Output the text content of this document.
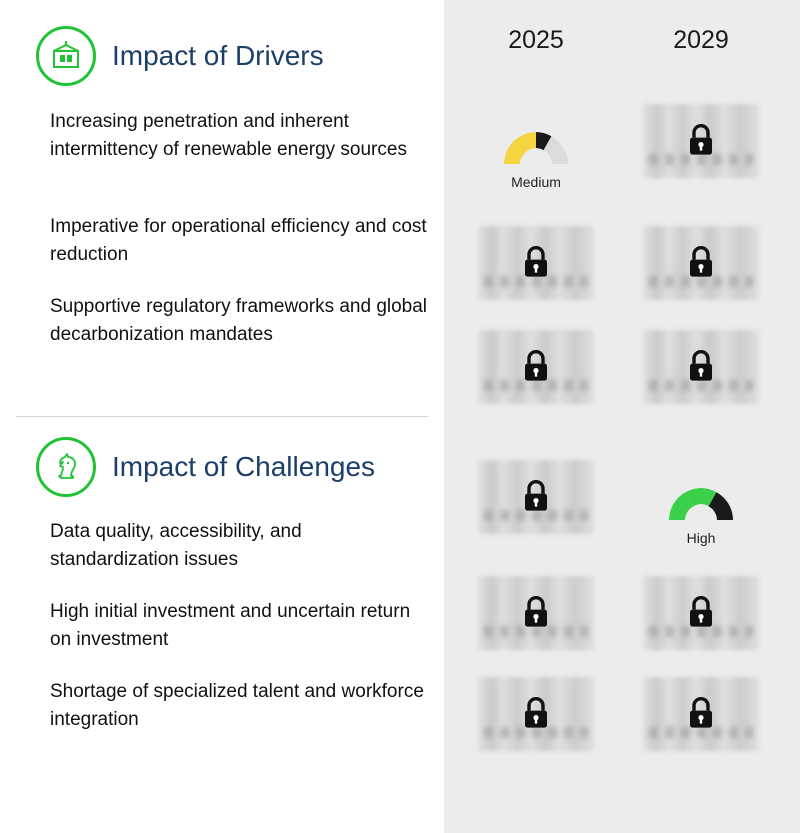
2025	2029
Impact of Drivers
Increasing penetration and inherent intermittency of renewable energy sources
Imperative for operational efficiency and cost reduction
Supportive regulatory frameworks and global decarbonization mandates
Medium
Impact of Challenges
Data quality, accessibility, and standardization issues
High initial investment and uncertain return on investment
Shortage of specialized talent and workforce integration
High
